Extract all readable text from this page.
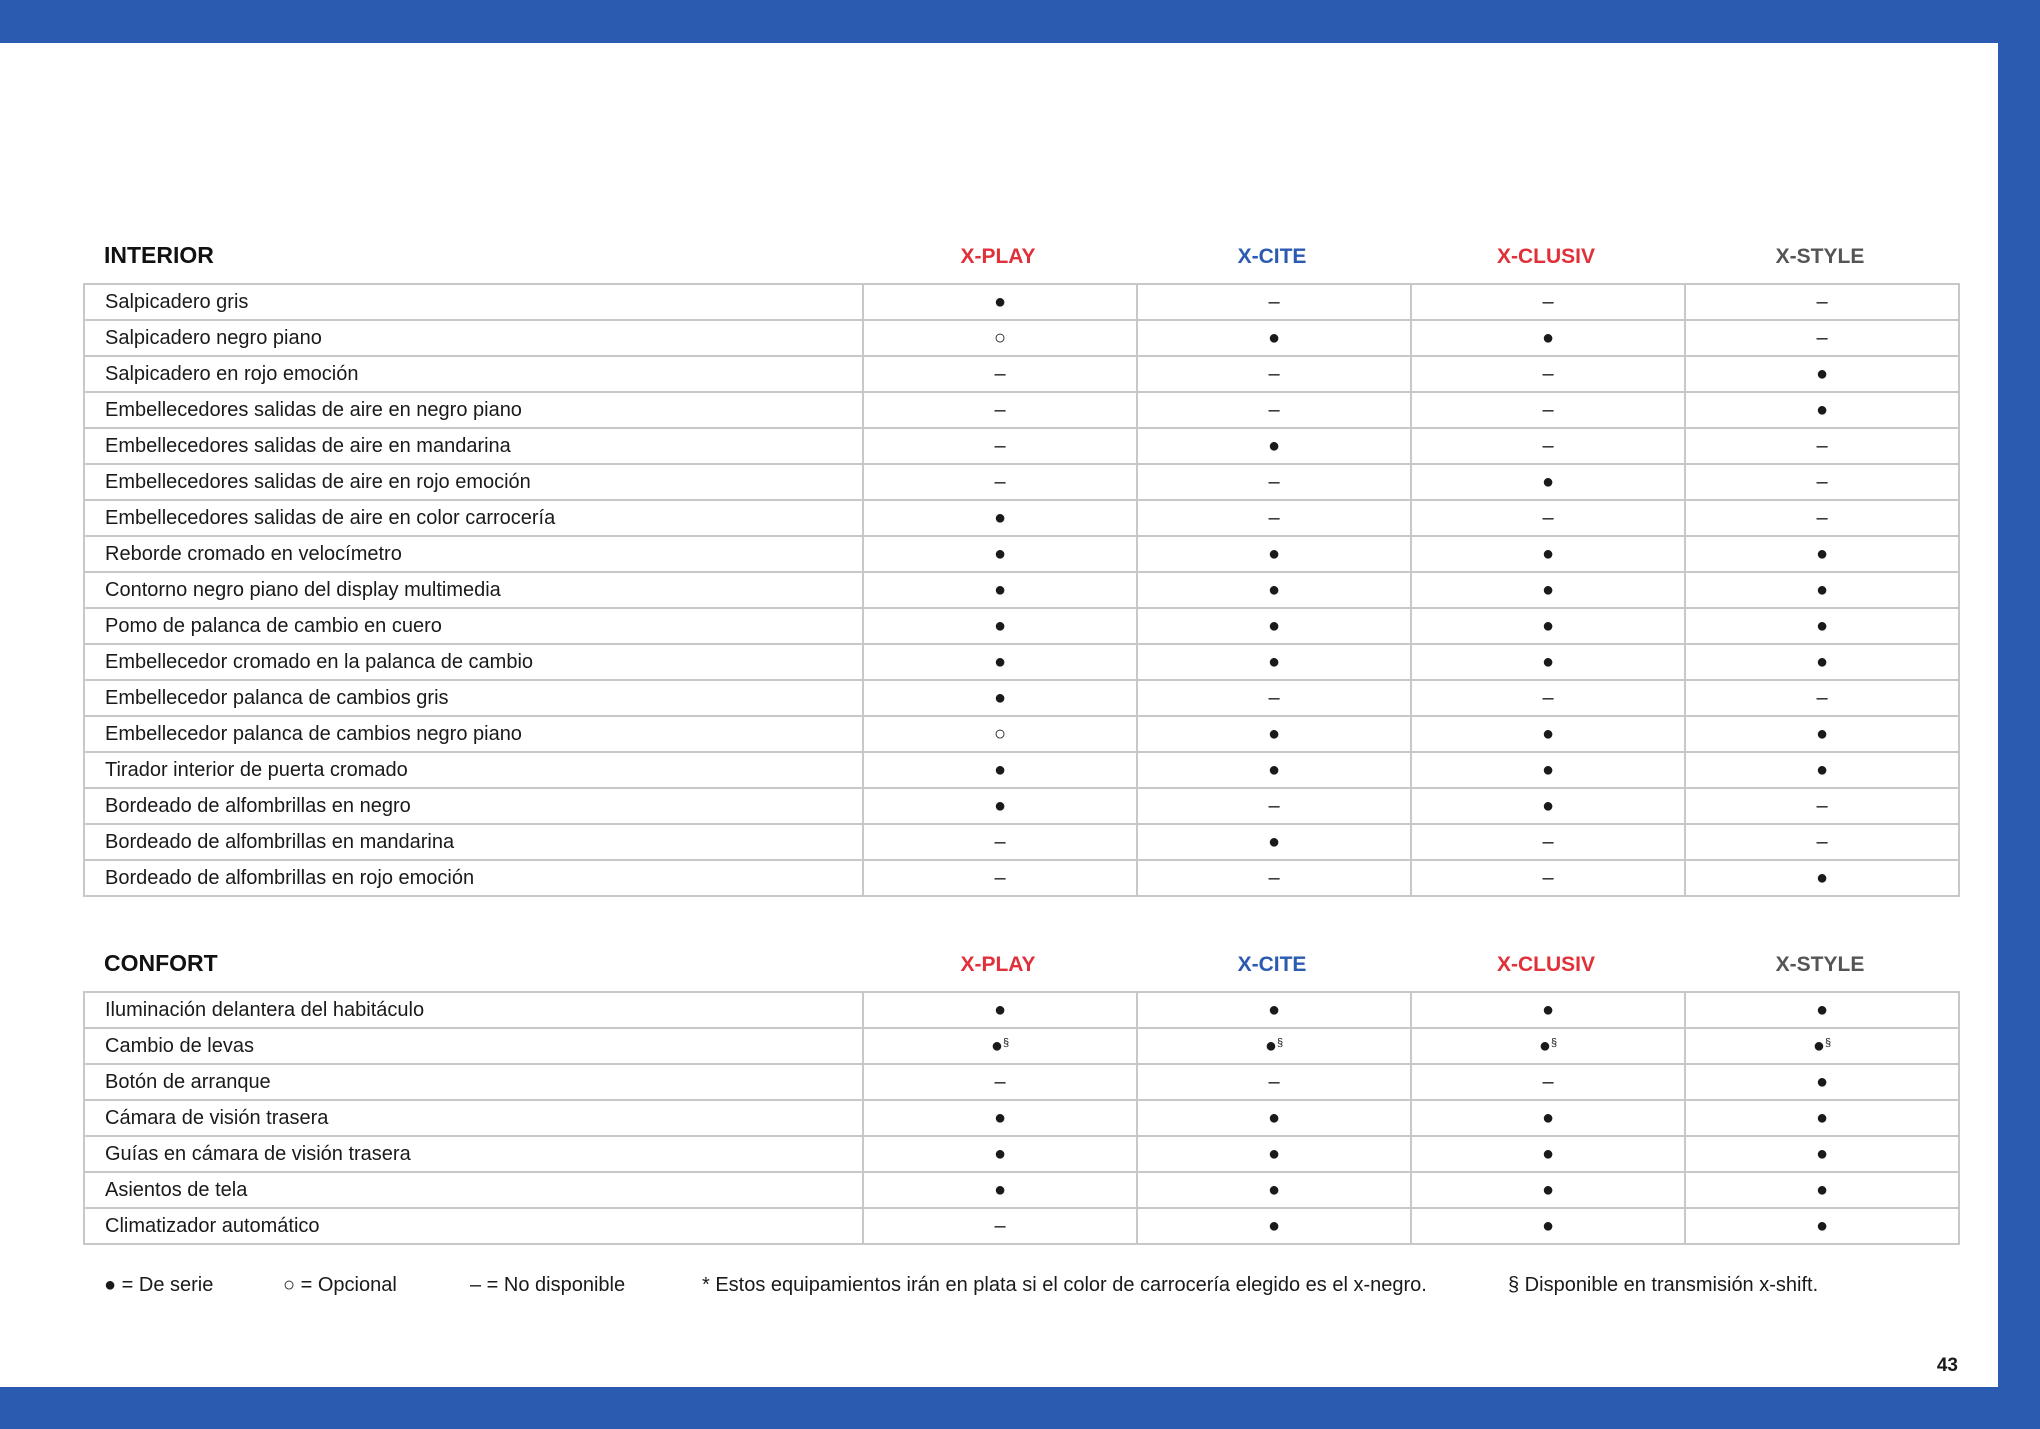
INTERIOR	X-PLAY	X-CITE	X-CLUSIV	X-STYLE
Salpicadero gris	●	–	–	–
Salpicadero negro piano	○	●	●	–
Salpicadero en rojo emoción	–	–	–	●
Embellecedores salidas de aire en negro piano	–	–	–	●
Embellecedores salidas de aire en mandarina	–	●	–	–
Embellecedores salidas de aire en rojo emoción	–	–	●	–
Embellecedores salidas de aire en color carrocería	●	–	–	–
Reborde cromado en velocímetro	●	●	●	●
Contorno negro piano del display multimedia	●	●	●	●
Pomo de palanca de cambio en cuero	●	●	●	●
Embellecedor cromado en la palanca de cambio	●	●	●	●
Embellecedor palanca de cambios gris	●	–	–	–
Embellecedor palanca de cambios negro piano	○	●	●	●
Tirador interior de puerta cromado	●	●	●	●
Bordeado de alfombrillas en negro	●	–	●	–
Bordeado de alfombrillas en mandarina	–	●	–	–
Bordeado de alfombrillas en rojo emoción	–	–	–	●
CONFORT	X-PLAY	X-CITE	X-CLUSIV	X-STYLE
Iluminación delantera del habitáculo	●	●	●	●
Cambio de levas	●§	●§	●§	●§
Botón de arranque	–	–	–	●
Cámara de visión trasera	●	●	●	●
Guías en cámara de visión trasera	●	●	●	●
Asientos de tela	●	●	●	●
Climatizador automático	–	●	●	●
● = De serie	○ = Opcional	– = No disponible	* Estos equipamientos irán en plata si el color de carrocería elegido es el x-negro.	§ Disponible en transmisión x-shift.
43
